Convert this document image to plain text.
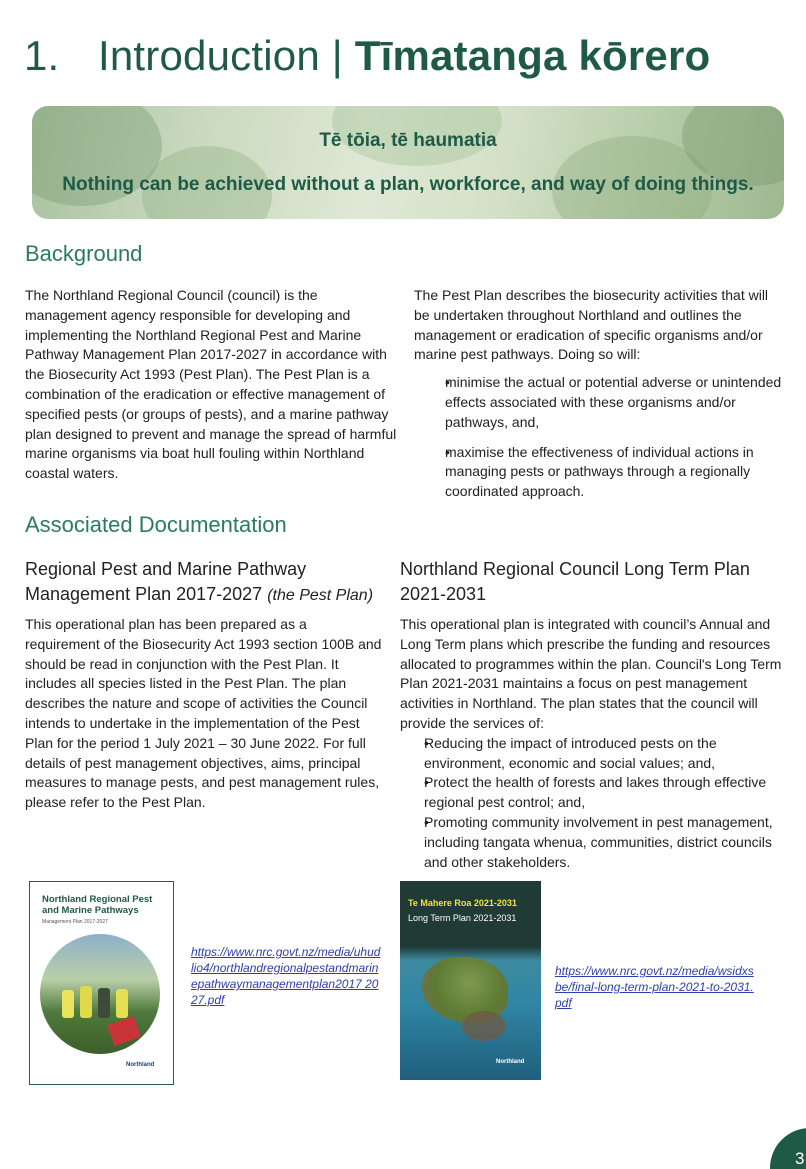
1. Introduction | Tīmatanga kōrero
Tē tōia, tē haumatia
Nothing can be achieved without a plan, workforce, and way of doing things.
Background

The Northland Regional Council (council) is the management agency responsible for developing and implementing the Northland Regional Pest and Marine Pathway Management Plan 2017-2027 in accordance with the Biosecurity Act 1993 (Pest Plan). The Pest Plan is a combination of the eradication or effective management of specified pests (or groups of pests), and a marine pathway plan designed to prevent and manage the spread of harmful marine organisms via boat hull fouling within Northland coastal waters.

The Pest Plan describes the biosecurity activities that will be undertaken throughout Northland and outlines the management or eradication of specific organisms and/or marine pest pathways. Doing so will:

• minimise the actual or potential adverse or unintended effects associated with these organisms and/or pathways, and,
• maximise the effectiveness of individual actions in managing pests or pathways through a regionally coordinated approach.
Associated Documentation
Regional Pest and Marine Pathway Management Plan 2017-2027 (the Pest Plan)

This operational plan has been prepared as a requirement of the Biosecurity Act 1993 section 100B and should be read in conjunction with the Pest Plan. It includes all species listed in the Pest Plan. The plan describes the nature and scope of activities the Council intends to undertake in the implementation of the Pest Plan for the period 1 July 2021 – 30 June 2022. For full details of pest management objectives, aims, principal measures to manage pests, and pest management rules, please refer to the Pest Plan.

Northland Regional Council Long Term Plan 2021-2031

This operational plan is integrated with council’s Annual and Long Term plans which prescribe the funding and resources allocated to programmes within the plan. Council's Long Term Plan 2021-2031 maintains a focus on pest management activities in Northland. The plan states that the council will provide the services of:

• Reducing the impact of introduced pests on the environment, economic and social values; and,
• Protect the health of forests and lakes through effective regional pest control; and,
• Promoting community involvement in pest management, including tangata whenua, communities, district councils and other stakeholders.
Northland Regional Pest and Marine Pathways
Management Plan 2017-2027
Northland
https://www.nrc.govt.nz/media/uhudlio4/northlandregionalpestandmarinepathwaymanagementplan2017 2027.pdf
Te Mahere Roa 2021-2031
Long Term Plan 2021-2031
Northland
https://www.nrc.govt.nz/media/wsidxsbe/final-long-term-plan-2021-to-2031.pdf
3
